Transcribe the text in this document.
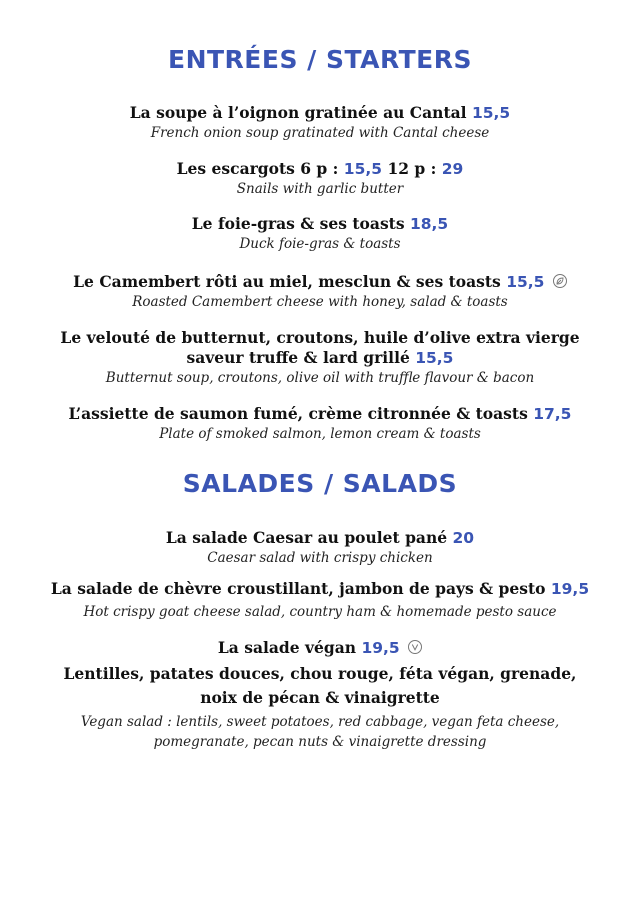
ENTRÉES / STARTERS
La soupe à l’oignon gratinée au Cantal 15,5
French onion soup gratinated with Cantal cheese
Les escargots 6 p : 15,5 12 p : 29
Snails with garlic butter
Le foie-gras & ses toasts 18,5
Duck foie-gras & toasts
Le Camembert rôti au miel, mesclun & ses toasts 15,5
Roasted Camembert cheese with honey, salad & toasts
Le velouté de butternut, croutons, huile d’olive extra vierge
saveur truffe & lard grillé 15,5
Butternut soup, croutons, olive oil with truffle flavour & bacon
L’assiette de saumon fumé, crème citronnée & toasts 17,5
Plate of smoked salmon, lemon cream & toasts
SALADES / SALADS
La salade Caesar au poulet pané 20
Caesar salad with crispy chicken
La salade de chèvre croustillant, jambon de pays & pesto 19,5
Hot crispy goat cheese salad, country ham & homemade pesto sauce
La salade végan 19,5
Lentilles, patates douces, chou rouge, féta végan, grenade,
noix de pécan & vinaigrette
Vegan salad : lentils, sweet potatoes, red cabbage, vegan feta cheese,
pomegranate, pecan nuts & vinaigrette dressing
